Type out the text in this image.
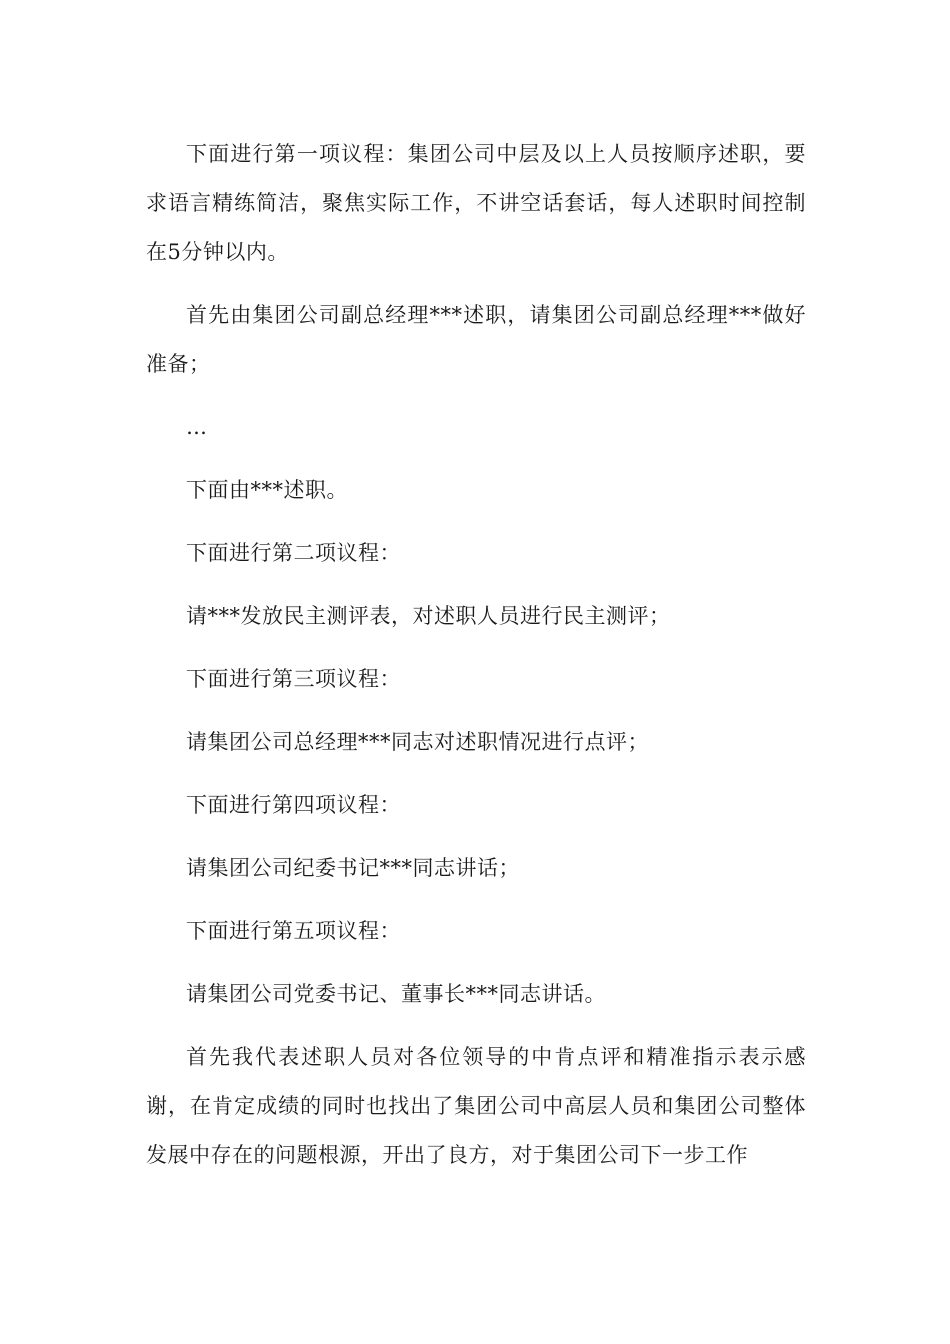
下面进行第一项议程：集团公司中层及以上人员按顺序述职，要求语言精练简洁，聚焦实际工作，不讲空话套话，每人述职时间控制在5分钟以内。

首先由集团公司副总经理***述职，请集团公司副总经理***做好准备；

…

下面由***述职。

下面进行第二项议程：

请***发放民主测评表，对述职人员进行民主测评；

下面进行第三项议程：

请集团公司总经理***同志对述职情况进行点评；

下面进行第四项议程：

请集团公司纪委书记***同志讲话；

下面进行第五项议程：

请集团公司党委书记、董事长***同志讲话。

首先我代表述职人员对各位领导的中肯点评和精准指示表示感谢，在肯定成绩的同时也找出了集团公司中高层人员和集团公司整体发展中存在的问题根源，开出了良方，对于集团公司下一步工作
